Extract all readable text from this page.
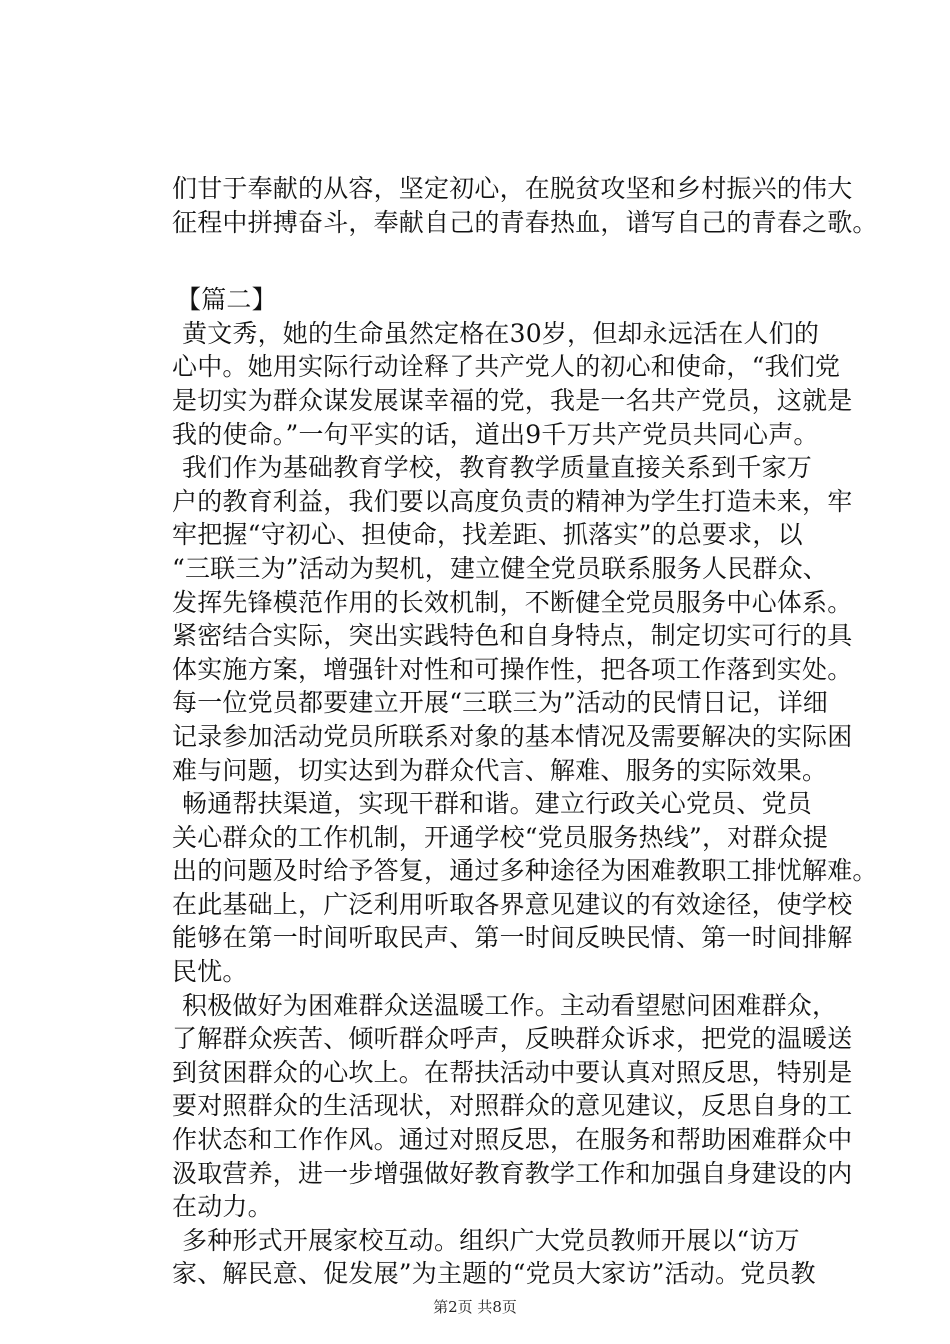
们甘于奉献的从容，坚定初心，在脱贫攻坚和乡村振兴的伟大
征程中拼搏奋斗，奉献自己的青春热血，谱写自己的青春之歌。
【篇二】
黄文秀，她的生命虽然定格在30岁，但却永远活在人们的
心中。她用实际行动诠释了共产党人的初心和使命，“我们党
是切实为群众谋发展谋幸福的党，我是一名共产党员，这就是
我的使命。”一句平实的话，道出9千万共产党员共同心声。
我们作为基础教育学校，教育教学质量直接关系到千家万
户的教育利益，我们要以高度负责的精神为学生打造未来，牢
牢把握“守初心、担使命，找差距、抓落实”的总要求，以
“三联三为”活动为契机，建立健全党员联系服务人民群众、
发挥先锋模范作用的长效机制，不断健全党员服务中心体系。
紧密结合实际，突出实践特色和自身特点，制定切实可行的具
体实施方案，增强针对性和可操作性，把各项工作落到实处。
每一位党员都要建立开展“三联三为”活动的民情日记，详细
记录参加活动党员所联系对象的基本情况及需要解决的实际困
难与问题，切实达到为群众代言、解难、服务的实际效果。
畅通帮扶渠道，实现干群和谐。建立行政关心党员、党员
关心群众的工作机制，开通学校“党员服务热线”，对群众提
出的问题及时给予答复，通过多种途径为困难教职工排忧解难。
在此基础上，广泛利用听取各界意见建议的有效途径，使学校
能够在第一时间听取民声、第一时间反映民情、第一时间排解
民忧。
积极做好为困难群众送温暖工作。主动看望慰问困难群众，
了解群众疾苦、倾听群众呼声，反映群众诉求，把党的温暖送
到贫困群众的心坎上。在帮扶活动中要认真对照反思，特别是
要对照群众的生活现状，对照群众的意见建议，反思自身的工
作状态和工作作风。通过对照反思，在服务和帮助困难群众中
汲取营养，进一步增强做好教育教学工作和加强自身建设的内
在动力。
多种形式开展家校互动。组织广大党员教师开展以“访万
家、解民意、促发展”为主题的“党员大家访”活动。党员教
第2页 共8页
